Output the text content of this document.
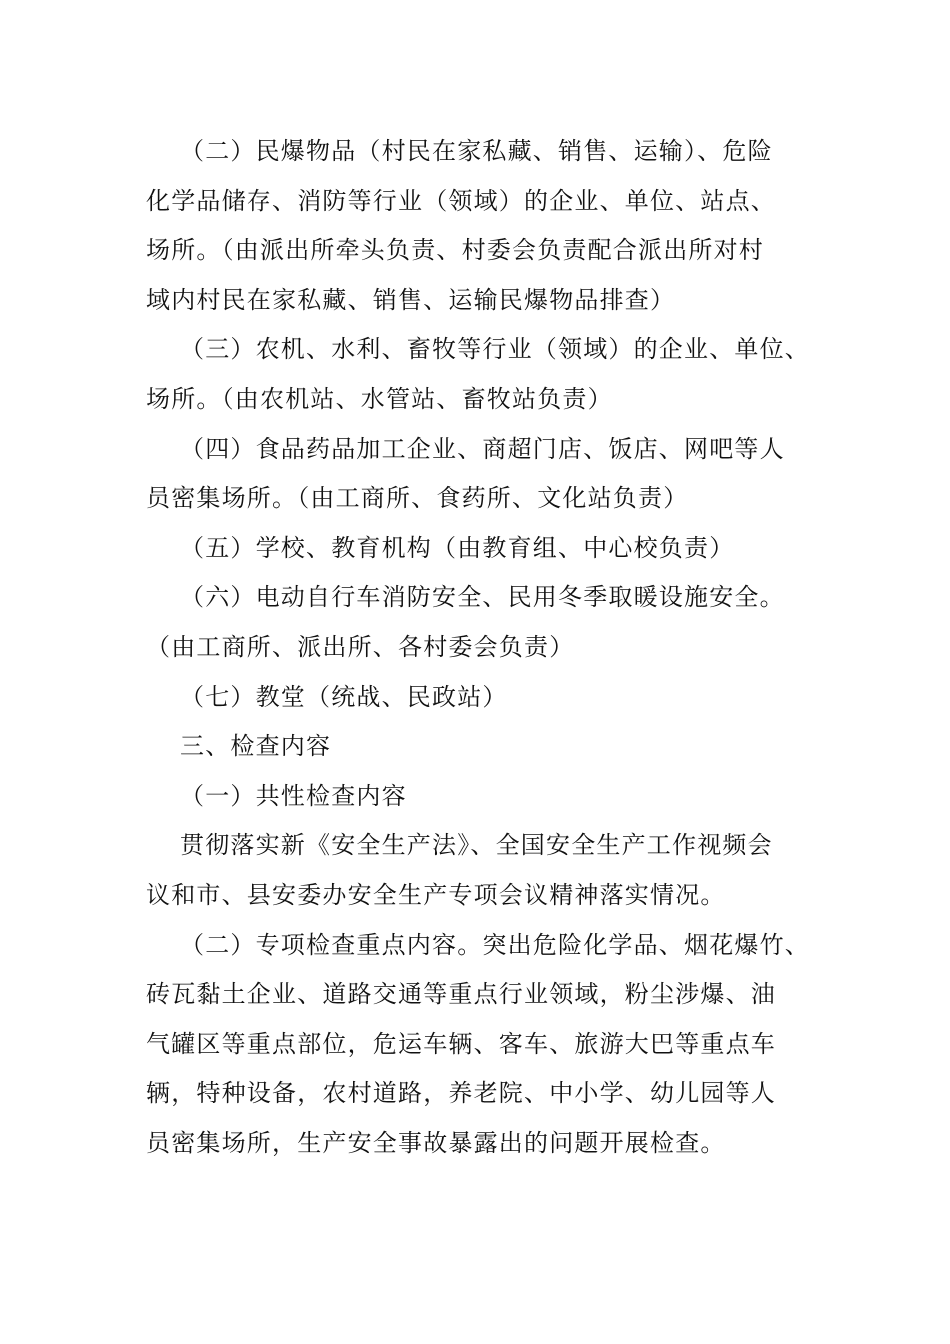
（二）民爆物品（村民在家私藏、销售、运输）、危险
化学品储存、消防等行业（领域）的企业、单位、站点、
场所。（由派出所牵头负责、村委会负责配合派出所对村
域内村民在家私藏、销售、运输民爆物品排查）
（三）农机、水利、畜牧等行业（领域）的企业、单位、
场所。（由农机站、水管站、畜牧站负责）
（四）食品药品加工企业、商超门店、饭店、网吧等人
员密集场所。（由工商所、食药所、文化站负责）
（五）学校、教育机构（由教育组、中心校负责）
（六）电动自行车消防安全、民用冬季取暖设施安全。
（由工商所、派出所、各村委会负责）
（七）教堂（统战、民政站）
三、检查内容
（一）共性检查内容
贯彻落实新《安全生产法》、全国安全生产工作视频会
议和市、县安委办安全生产专项会议精神落实情况。
（二）专项检查重点内容。突出危险化学品、烟花爆竹、
砖瓦黏土企业、道路交通等重点行业领域，粉尘涉爆、油
气罐区等重点部位，危运车辆、客车、旅游大巴等重点车
辆，特种设备，农村道路，养老院、中小学、幼儿园等人
员密集场所，生产安全事故暴露出的问题开展检查。
